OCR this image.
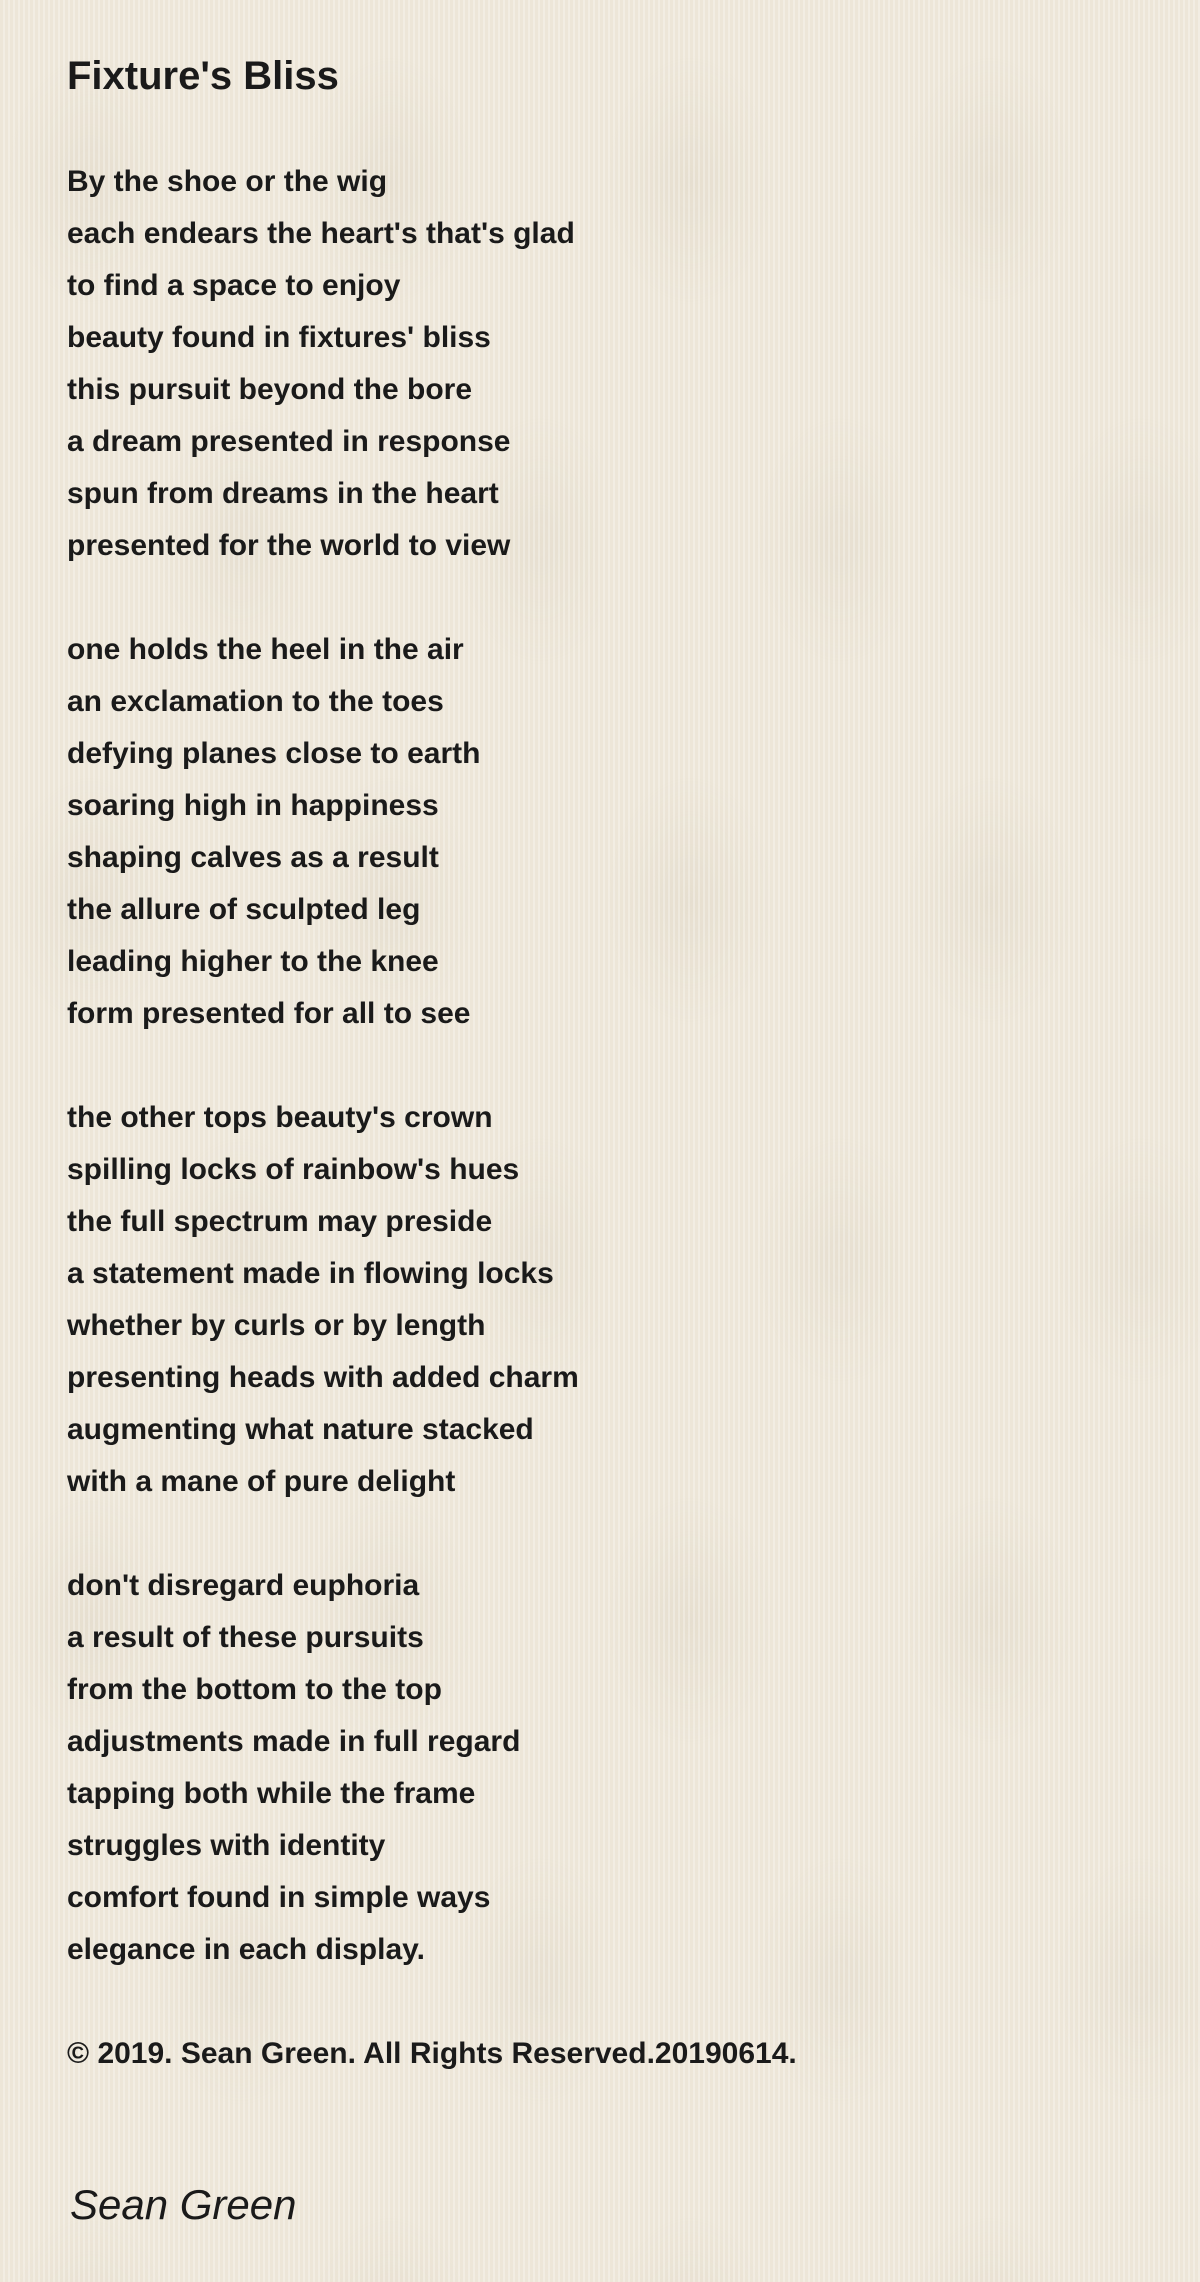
Fixture's Bliss
By the shoe or the wig
each endears the heart's that's glad
to find a space to enjoy
beauty found in fixtures' bliss
this pursuit beyond the bore
a dream presented in response
spun from dreams in the heart
presented for the world to view
one holds the heel in the air
an exclamation to the toes
defying planes close to earth
soaring high in happiness
shaping calves as a result
the allure of sculpted leg
leading higher to the knee
form presented for all to see
the other tops beauty's crown
spilling locks of rainbow's hues
the full spectrum may preside
a statement made in flowing locks
whether by curls or by length
presenting heads with added charm
augmenting what nature stacked
with a mane of pure delight
don't disregard euphoria
a result of these pursuits
from the bottom to the top
adjustments made in full regard
tapping both while the frame
struggles with identity
comfort found in simple ways
elegance in each display.
© 2019. Sean Green. All Rights Reserved.20190614.
Sean Green
